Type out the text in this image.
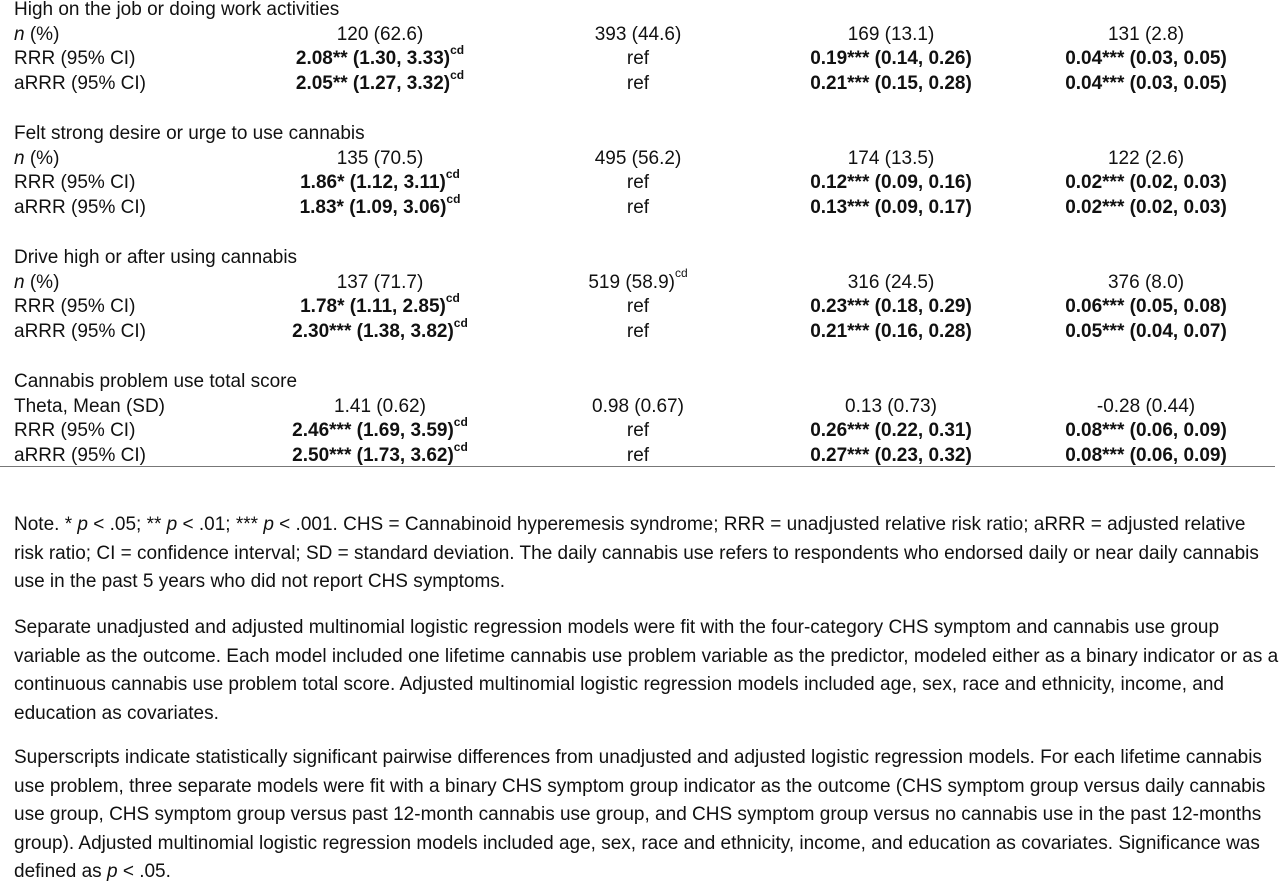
High on the job or doing work activities
n (%)	120 (62.6)	393 (44.6)	169 (13.1)	131 (2.8)
RRR (95% CI)	2.08** (1.30, 3.33)$^{cd}$	ref	0.19*** (0.14, 0.26)	0.04*** (0.03, 0.05)
aRRR (95% CI)	2.05** (1.27, 3.32)$^{cd}$	ref	0.21*** (0.15, 0.28)	0.04*** (0.03, 0.05)
Felt strong desire or urge to use cannabis
n (%)	135 (70.5)	495 (56.2)	174 (13.5)	122 (2.6)
RRR (95% CI)	1.86* (1.12, 3.11)$^{cd}$	ref	0.12*** (0.09, 0.16)	0.02*** (0.02, 0.03)
aRRR (95% CI)	1.83* (1.09, 3.06)$^{cd}$	ref	0.13*** (0.09, 0.17)	0.02*** (0.02, 0.03)
Drive high or after using cannabis
n (%)	137 (71.7)	519 $(58.9)^{cd}$	316 (24.5)	376 (8.0)
RRR (95% CI)	1.78* (1.11, 2.85)$^{cd}$	ref	0.23*** (0.18, 0.29)	0.06*** (0.05, 0.08)
aRRR (95% CI)	2.30*** (1.38, 3.82)$^{cd}$	ref	0.21*** (0.16, 0.28)	0.05*** (0.04, 0.07)
Cannabis problem use total score
Theta, Mean (SD)	1.41 (0.62)	0.98 (0.67)	0.13 (0.73)	-0.28 (0.44)
RRR (95% CI)	2.46*** (1.69, 3.59)$^{cd}$	ref	0.26*** (0.22, 0.31)	0.08*** (0.06, 0.09)
aRRR (95% CI)	2.50*** (1.73, 3.62)$^{cd}$	ref	0.27*** (0.23, 0.32)	0.08*** (0.06, 0.09)
Note. * p < .05; ** p < .01; *** p < .001. CHS = Cannabinoid hyperemesis syndrome; RRR = unadjusted relative risk ratio; aRRR = adjusted relative risk ratio; CI = confidence interval; SD = standard deviation. The daily cannabis use refers to respondents who endorsed daily or near daily cannabis use in the past 5 years who did not report CHS symptoms.
Separate unadjusted and adjusted multinomial logistic regression models were fit with the four-category CHS symptom and cannabis use group variable as the outcome. Each model included one lifetime cannabis use problem variable as the predictor, modeled either as a binary indicator or as a continuous cannabis use problem total score. Adjusted multinomial logistic regression models included age, sex, race and ethnicity, income, and education as covariates.
Superscripts indicate statistically significant pairwise differences from unadjusted and adjusted logistic regression models. For each lifetime cannabis use problem, three separate models were fit with a binary CHS symptom group indicator as the outcome (CHS symptom group versus daily cannabis use group, CHS symptom group versus past 12-month cannabis use group, and CHS symptom group versus no cannabis use in the past 12-months group). Adjusted multinomial logistic regression models included age, sex, race and ethnicity, income, and education as covariates. Significance was defined as p < .05.
